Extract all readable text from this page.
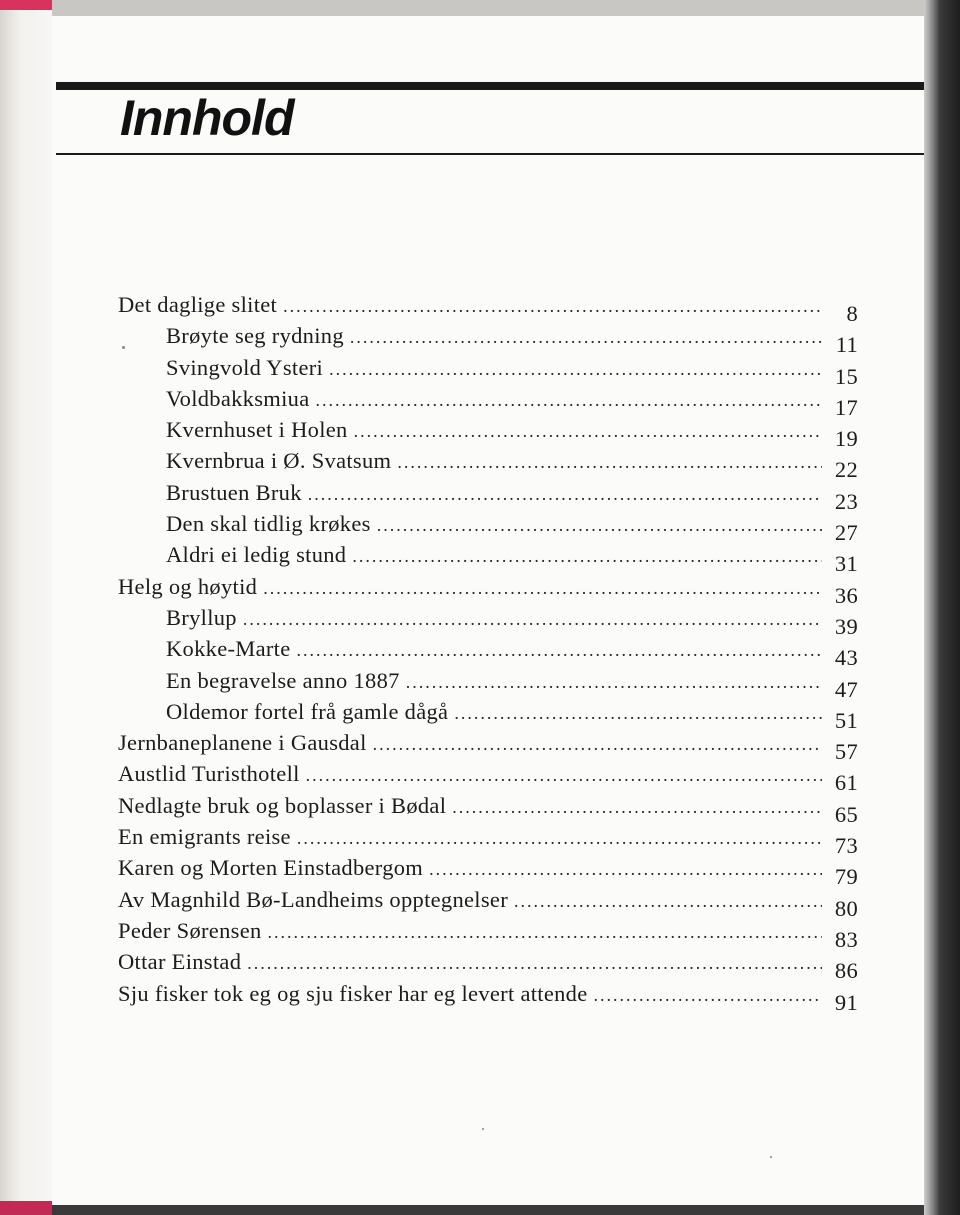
Innhold
Det daglige slitet .....	8
Brøyte seg rydning .....	11
Svingvold Ysteri .....	15
Voldbakksmiua .....	17
Kvernhuset i Holen .....	19
Kvernbrua i Ø. Svatsum .....	22
Brustuen Bruk .....	23
Den skal tidlig krøkes .....	27
Aldri ei ledig stund .....	31
Helg og høytid .....	36
Bryllup .....	39
Kokke-Marte .....	43
En begravelse anno 1887 .....	47
Oldemor fortel frå gamle dågå .....	51
Jernbaneplanene i Gausdal .....	57
Austlid Turisthotell .....	61
Nedlagte bruk og boplasser i Bødal .....	65
En emigrants reise .....	73
Karen og Morten Einstadbergom .....	79
Av Magnhild Bø-Landheims opptegnelser .....	80
Peder Sørensen .....	83
Ottar Einstad .....	86
Sju fisker tok eg og sju fisker har eg levert attende .....	91
